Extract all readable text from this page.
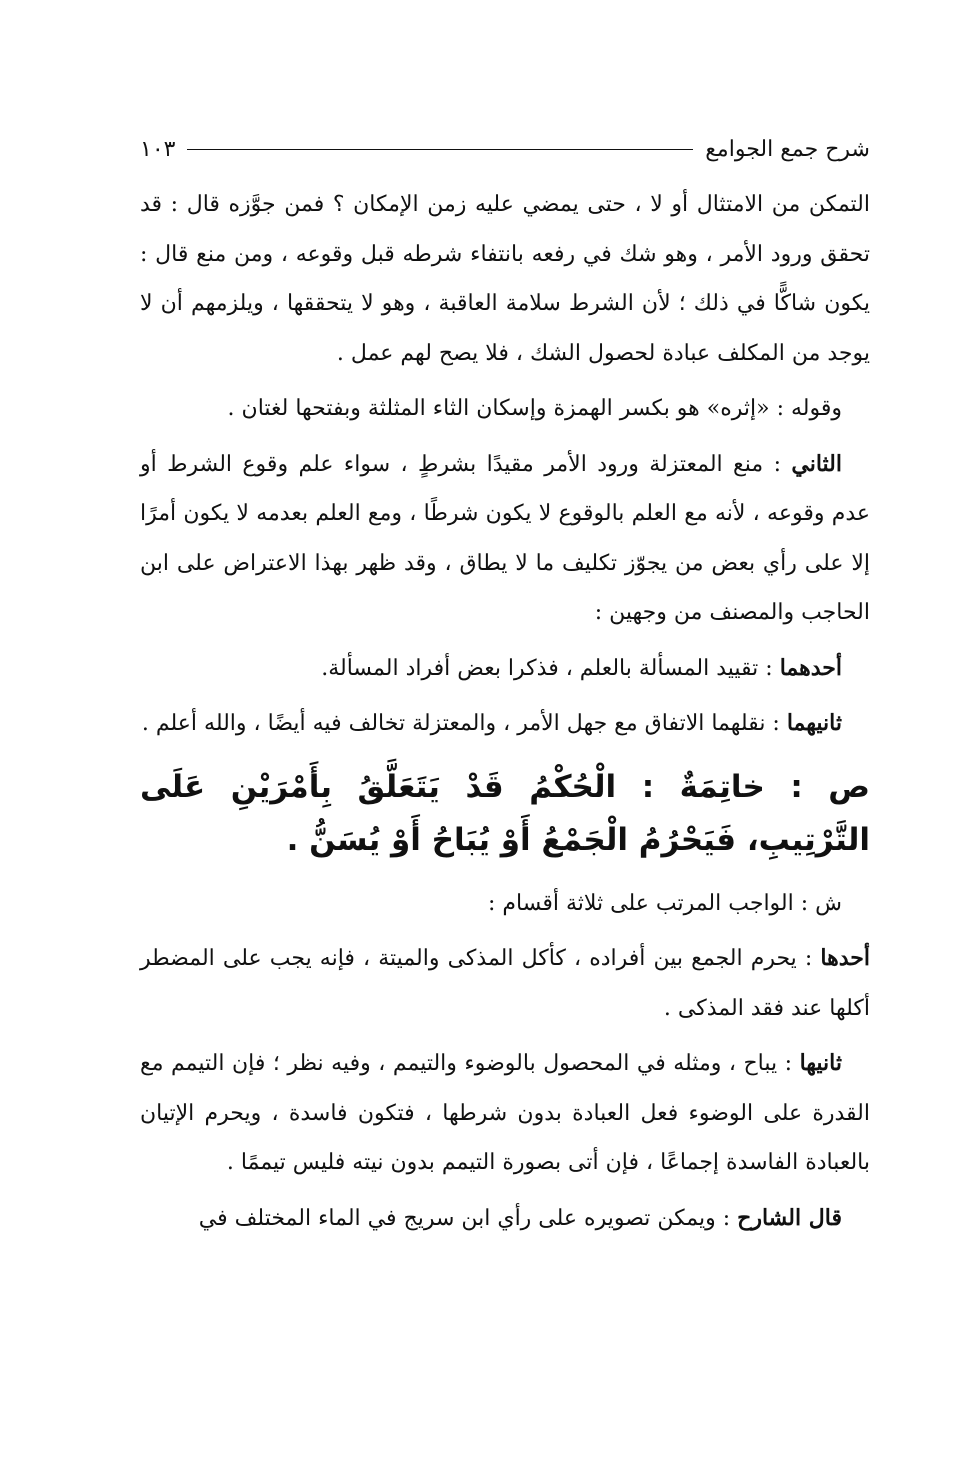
شرح جمع الجوامع
١٠٣

التمكن من الامتثال أو لا ، حتى يمضي عليه زمن الإمكان ؟ فمن جوَّزه قال : قد تحقق ورود الأمر ، وهو شك في رفعه بانتفاء شرطه قبل وقوعه ، ومن منع قال : يكون شاكًّا في ذلك ؛ لأن الشرط سلامة العاقبة ، وهو لا يتحققها ، ويلزمهم أن لا يوجد من المكلف عبادة لحصول الشك ، فلا يصح لهم عمل .

وقوله : «إثره» هو بكسر الهمزة وإسكان الثاء المثلثة وبفتحها لغتان .

الثاني : منع المعتزلة ورود الأمر مقيدًا بشرطٍ ، سواء علم وقوع الشرط أو عدم وقوعه ، لأنه مع العلم بالوقوع لا يكون شرطًا ، ومع العلم بعدمه لا يكون أمرًا إلا على رأي بعض من يجوّز تكليف ما لا يطاق ، وقد ظهر بهذا الاعتراض على ابن الحاجب والمصنف من وجهين :

أحدهما : تقييد المسألة بالعلم ، فذكرا بعض أفراد المسألة.

ثانيهما : نقلهما الاتفاق مع جهل الأمر ، والمعتزلة تخالف فيه أيضًا ، والله أعلم .

ص : خاتِمَةٌ : الْحُكْمُ قَدْ يَتَعَلَّقُ بِأَمْرَيْنِ عَلَى التَّرْتِيبِ، فَيَحْرُمُ الْجَمْعُ أَوْ يُبَاحُ أَوْ يُسَنُّ .

ش : الواجب المرتب على ثلاثة أقسام :

أحدها : يحرم الجمع بين أفراده ، كأكل المذكى والميتة ، فإنه يجب على المضطر أكلها عند فقد المذكى .

ثانيها : يباح ، ومثله في المحصول بالوضوء والتيمم ، وفيه نظر ؛ فإن التيمم مع القدرة على الوضوء فعل العبادة بدون شرطها ، فتكون فاسدة ، ويحرم الإتيان بالعبادة الفاسدة إجماعًا ، فإن أتى بصورة التيمم بدون نيته فليس تيممًا .

قال الشارح : ويمكن تصويره على رأي ابن سريج في الماء المختلف في
